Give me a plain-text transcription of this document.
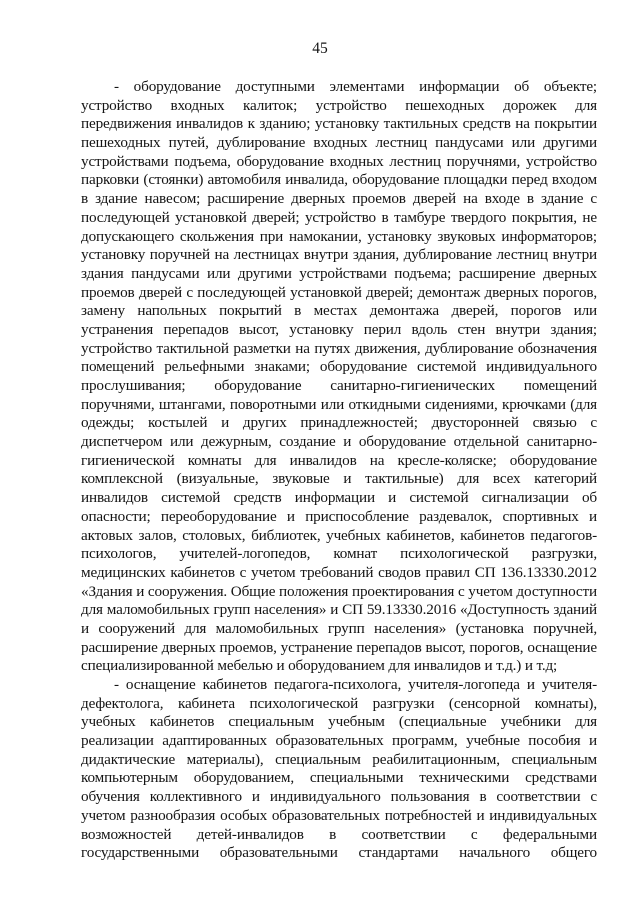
45
- оборудование доступными элементами информации об объекте;
устройство входных калиток; устройство пешеходных дорожек для
передвижения инвалидов к зданию; установку тактильных средств на покрытии
пешеходных путей, дублирование входных лестниц пандусами или другими
устройствами подъема, оборудование входных лестниц поручнями, устройство
парковки (стоянки) автомобиля инвалида, оборудование площадки перед входом
в здание навесом; расширение дверных проемов дверей на входе в здание с
последующей установкой дверей; устройство в тамбуре твердого покрытия, не
допускающего скольжения при намокании, установку звуковых информаторов;
установку поручней на лестницах внутри здания, дублирование лестниц внутри
здания пандусами или другими устройствами подъема; расширение дверных
проемов дверей с последующей установкой дверей; демонтаж дверных порогов,
замену напольных покрытий в местах демонтажа дверей, порогов или
устранения перепадов высот, установку перил вдоль стен внутри здания;
устройство тактильной разметки на путях движения, дублирование обозначения
помещений рельефными знаками; оборудование системой индивидуального
прослушивания; оборудование санитарно-гигиенических помещений
поручнями, штангами, поворотными или откидными сидениями, крючками (для
одежды; костылей и других принадлежностей; двусторонней связью с
диспетчером или дежурным, создание и оборудование отдельной санитарно-
гигиенической комнаты для инвалидов на кресле-коляске; оборудование
комплексной (визуальные, звуковые и тактильные) для всех категорий
инвалидов системой средств информации и системой сигнализации об
опасности; переоборудование и приспособление раздевалок, спортивных и
актовых залов, столовых, библиотек, учебных кабинетов, кабинетов педагогов-
психологов, учителей-логопедов, комнат психологической разгрузки,
медицинских кабинетов с учетом требований сводов правил СП 136.13330.2012
«Здания и сооружения. Общие положения проектирования с учетом доступности
для маломобильных групп населения» и СП 59.13330.2016 «Доступность зданий
и сооружений для маломобильных групп населения» (установка поручней,
расширение дверных проемов, устранение перепадов высот, порогов, оснащение
специализированной мебелью и оборудованием для инвалидов и т.д.) и т.д;
- оснащение кабинетов педагога-психолога, учителя-логопеда и учителя-
дефектолога, кабинета психологической разгрузки (сенсорной комнаты),
учебных кабинетов специальным учебным (специальные учебники для
реализации адаптированных образовательных программ, учебные пособия и
дидактические материалы), специальным реабилитационным, специальным
компьютерным оборудованием, специальными техническими средствами
обучения коллективного и индивидуального пользования в соответствии с
учетом разнообразия особых образовательных потребностей и индивидуальных
возможностей детей-инвалидов в соответствии с федеральными
государственными образовательными стандартами начального общего
